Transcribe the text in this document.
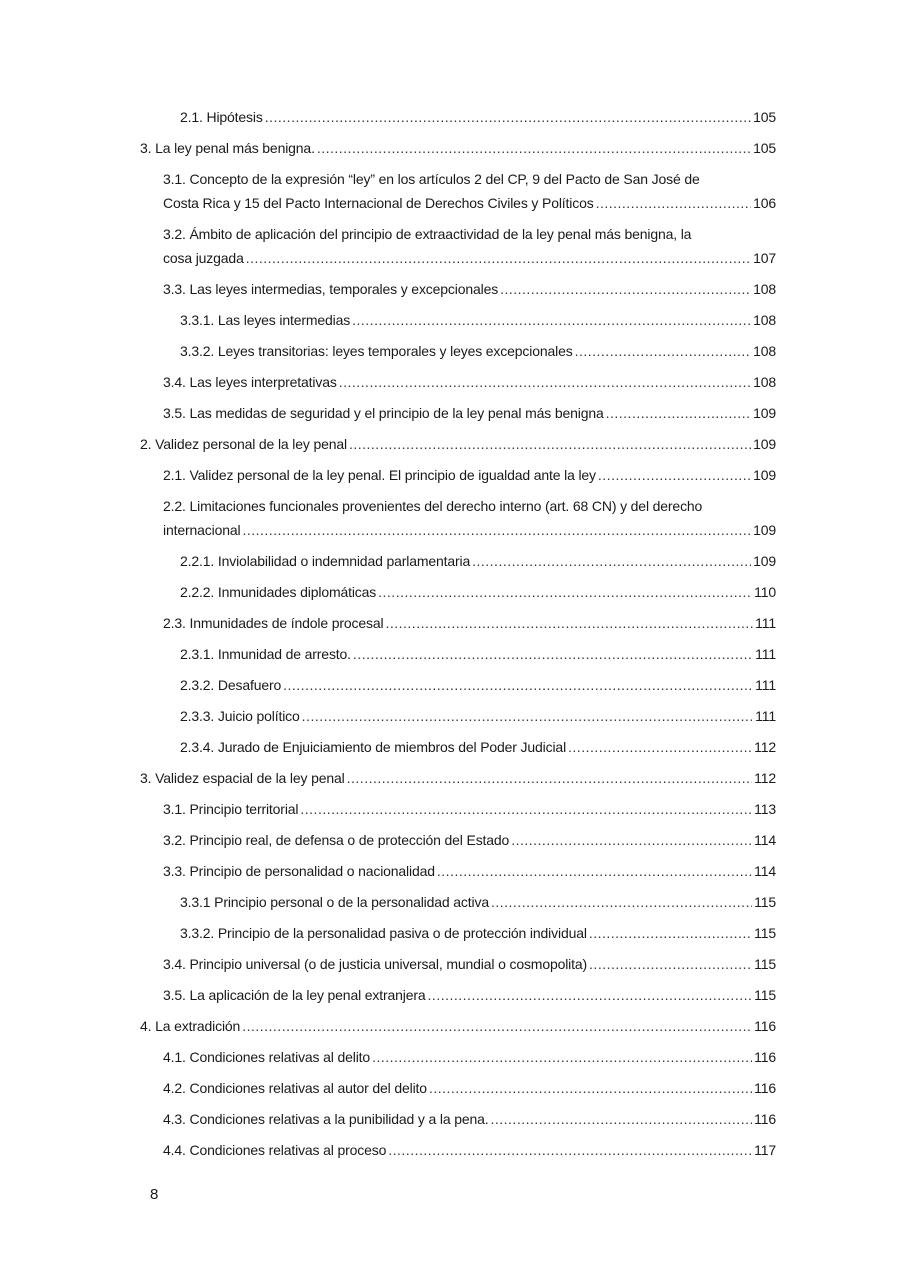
2.1. Hipótesis .....	105
3. La ley penal más benigna. .....	105
3.1. Concepto de la expresión “ley” en los artículos 2 del CP, 9 del Pacto de San José de
Costa Rica y 15 del Pacto Internacional de Derechos Civiles y Políticos .....	106
3.2. Ámbito de aplicación del principio de extraactividad de la ley penal más benigna, la
cosa juzgada .....	107
3.3. Las leyes intermedias, temporales y excepcionales .....	108
3.3.1. Las leyes intermedias .....	108
3.3.2. Leyes transitorias: leyes temporales y leyes excepcionales .....	108
3.4. Las leyes interpretativas .....	108
3.5. Las medidas de seguridad y el principio de la ley penal más benigna .....	109
2. Validez personal de la ley penal .....	109
2.1. Validez personal de la ley penal. El principio de igualdad ante la ley .....	109
2.2. Limitaciones funcionales provenientes del derecho interno (art. 68 CN) y del derecho
internacional .....	109
2.2.1. Inviolabilidad o indemnidad parlamentaria .....	109
2.2.2. Inmunidades diplomáticas .....	110
2.3. Inmunidades de índole procesal .....	111
2.3.1. Inmunidad de arresto. .....	111
2.3.2. Desafuero .....	111
2.3.3. Juicio político .....	111
2.3.4. Jurado de Enjuiciamiento de miembros del Poder Judicial .....	112
3. Validez espacial de la ley penal .....	112
3.1. Principio territorial .....	113
3.2. Principio real, de defensa o de protección del Estado .....	114
3.3. Principio de personalidad o nacionalidad .....	114
3.3.1 Principio personal o de la personalidad activa .....	115
3.3.2. Principio de la personalidad pasiva o de protección individual .....	115
3.4. Principio universal (o de justicia universal, mundial o cosmopolita) .....	115
3.5. La aplicación de la ley penal extranjera .....	115
4. La extradición .....	116
4.1. Condiciones relativas al delito .....	116
4.2. Condiciones relativas al autor del delito .....	116
4.3. Condiciones relativas a la punibilidad y a la pena. .....	116
4.4. Condiciones relativas al proceso .....	117
8
